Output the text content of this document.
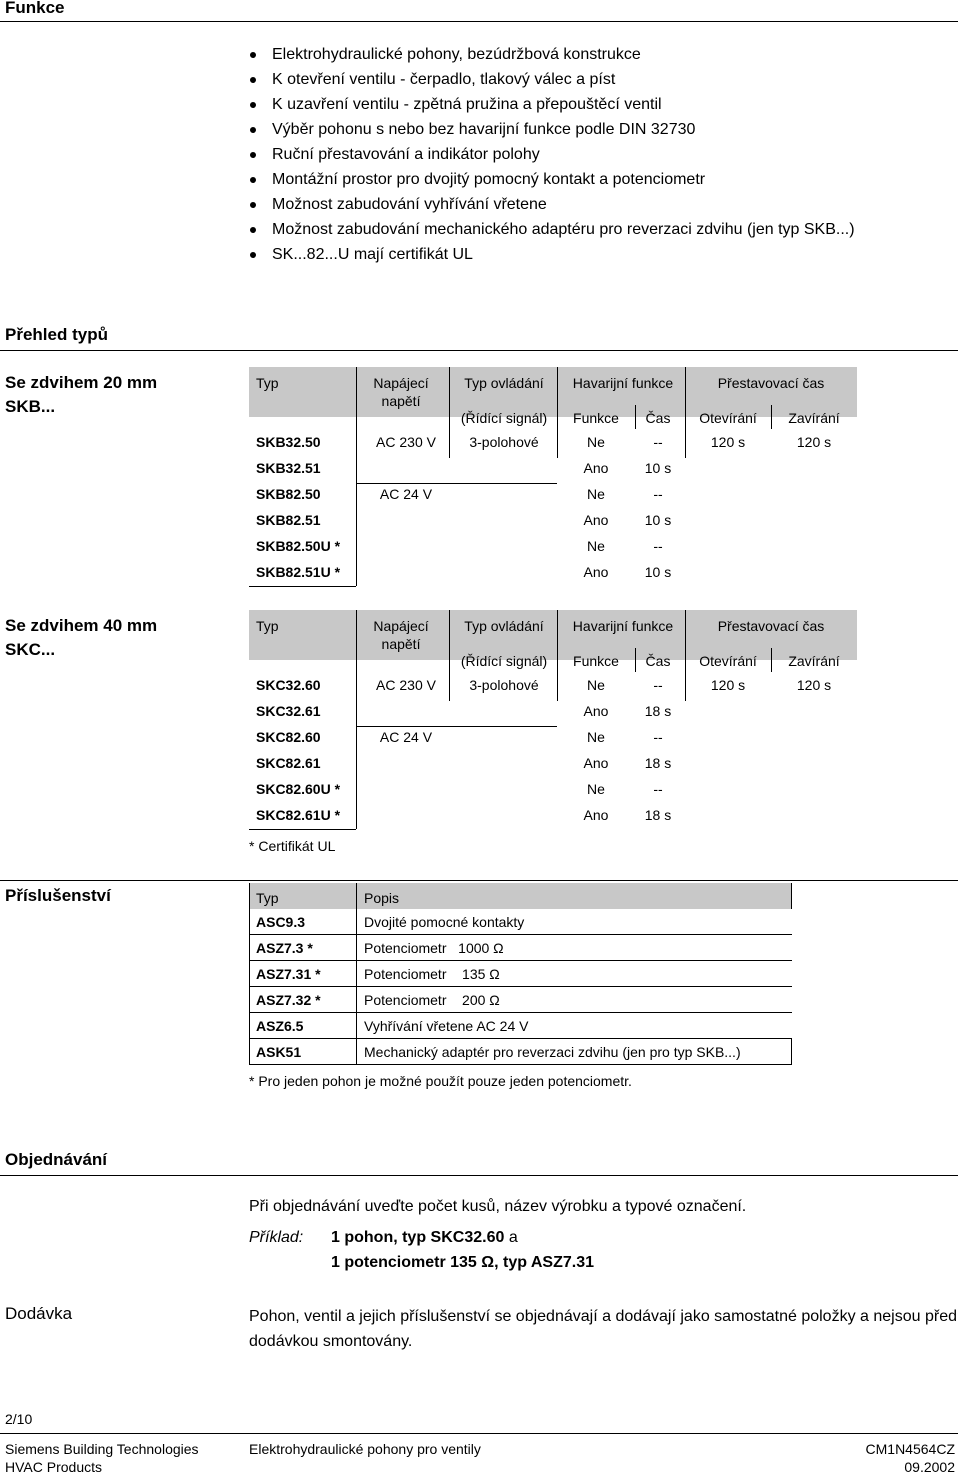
Funkce
Elektrohydraulické pohony, bezúdržbová konstrukce
K otevření ventilu - čerpadlo, tlakový válec a píst
K uzavření ventilu - zpětná pružina a přepouštěcí ventil
Výběr pohonu s nebo bez havarijní funkce podle DIN 32730
Ruční přestavování a indikátor polohy
Montážní prostor pro dvojitý pomocný kontakt a potenciometr
Možnost zabudování vyhřívání vřetene
Možnost zabudování mechanického adaptéru pro reverzaci zdvihu (jen typ SKB...)
SK...82...U mají certifikát UL
Přehled typů
Se zdvihem 20 mm
SKB...
Typ	Napájecí
napětí
Typ ovládání
(Řídící signál)
Havarijní funkce
Funkce	Čas
Přestavovací čas
Otevírání	Zavírání
SKB32.50	AC 230 V	3-polohové	Ne	--	120 s	120 s
SKB32.51	Ano	10 s
SKB82.50	AC 24 V	Ne	--
SKB82.51	Ano	10 s
SKB82.50U *	Ne	--
SKB82.51U *	Ano	10 s
Se zdvihem 40 mm
SKC...
Typ	Napájecí
napětí
Typ ovládání
(Řídící signál)
Havarijní funkce
Funkce	Čas
Přestavovací čas
Otevírání	Zavírání
SKC32.60	AC 230 V	3-polohové	Ne	--	120 s	120 s
SKC32.61	Ano	18 s
SKC82.60	AC 24 V	Ne	--
SKC82.61	Ano	18 s
SKC82.60U *	Ne	--
SKC82.61U *	Ano	18 s
* Certifikát UL
Příslušenství	Typ	Popis
ASC9.3	Dvojité pomocné kontakty
ASZ7.3 *	Potenciometr   1000 Ω
ASZ7.31 *	Potenciometr    135 Ω
ASZ7.32 *	Potenciometr    200 Ω
ASZ6.5	Vyhřívání vřetene AC 24 V
ASK51	Mechanický adaptér pro reverzaci zdvihu (jen pro typ SKB...)
* Pro jeden pohon je možné použít pouze jeden potenciometr.
Objednávání
Při objednávání uveďte počet kusů, název výrobku a typové označení.
Příklad: 1 pohon, typ SKC32.60 a
1 potenciometr 135 Ω, typ ASZ7.31
Dodávka	Pohon, ventil a jejich příslušenství se objednávají a dodávají jako samostatné položky a nejsou před dodávkou smontovány.
2/10
Siemens Building Technologies
HVAC Products
Elektrohydraulické pohony pro ventily	CM1N4564CZ
09.2002
